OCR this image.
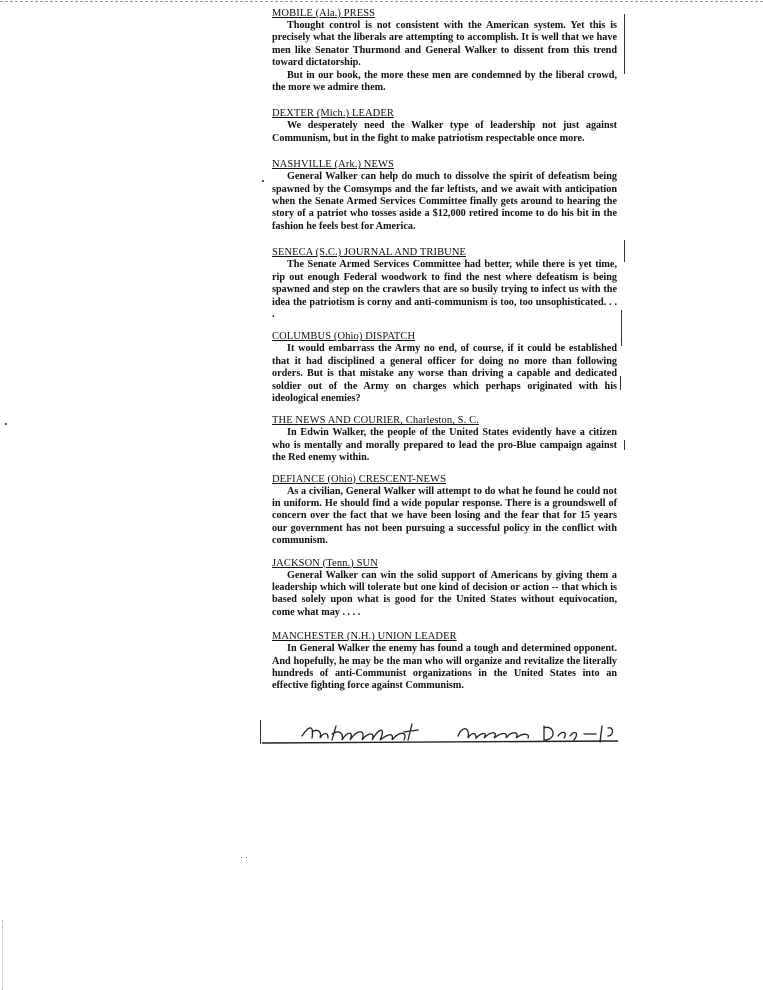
MOBILE (Ala.) PRESS

Thought control is not consistent with the American system. Yet this is precisely what the liberals are attempting to accomplish. It is well that we have men like Senator Thurmond and General Walker to dissent from this trend toward dictatorship.

But in our book, the more these men are condemned by the liberal crowd, the more we admire them.

DEXTER (Mich.) LEADER

We desperately need the Walker type of leadership not just against Communism, but in the fight to make patriotism respectable once more.

NASHVILLE (Ark.) NEWS

General Walker can help do much to dissolve the spirit of defeatism being spawned by the Comsymps and the far leftists, and we await with anticipation when the Senate Armed Services Committee finally gets around to hearing the story of a patriot who tosses aside a $12,000 retired income to do his bit in the fashion he feels best for America.

SENECA (S.C.) JOURNAL AND TRIBUNE

The Senate Armed Services Committee had better, while there is yet time, rip out enough Federal woodwork to find the nest where defeatism is being spawned and step on the crawlers that are so busily trying to infect us with the idea the patriotism is corny and anti-communism is too, too unsophisticated. . . .

COLUMBUS (Ohio) DISPATCH

It would embarrass the Army no end, of course, if it could be established that it had disciplined a general officer for doing no more than following orders. But is that mistake any worse than driving a capable and dedicated soldier out of the Army on charges which perhaps originated with his ideological enemies?

THE NEWS AND COURIER, Charleston, S. C.

In Edwin Walker, the people of the United States evidently have a citizen who is mentally and morally prepared to lead the pro-Blue campaign against the Red enemy within.

DEFIANCE (Ohio) CRESCENT-NEWS

As a civilian, General Walker will attempt to do what he found he could not in uniform. He should find a wide popular response. There is a groundswell of concern over the fact that we have been losing and the fear that for 15 years our government has not been pursuing a successful policy in the conflict with communism.

JACKSON (Tenn.) SUN

General Walker can win the solid support of Americans by giving them a leadership which will tolerate but one kind of decision or action -- that which is based solely upon what is good for the United States without equivocation, come what may . . . .

MANCHESTER (N.H.) UNION LEADER

In General Walker the enemy has found a tough and determined opponent. And hopefully, he may be the man who will organize and revitalize the literally hundreds of anti-Communist organizations in the United States into an effective fighting force against Communism.
